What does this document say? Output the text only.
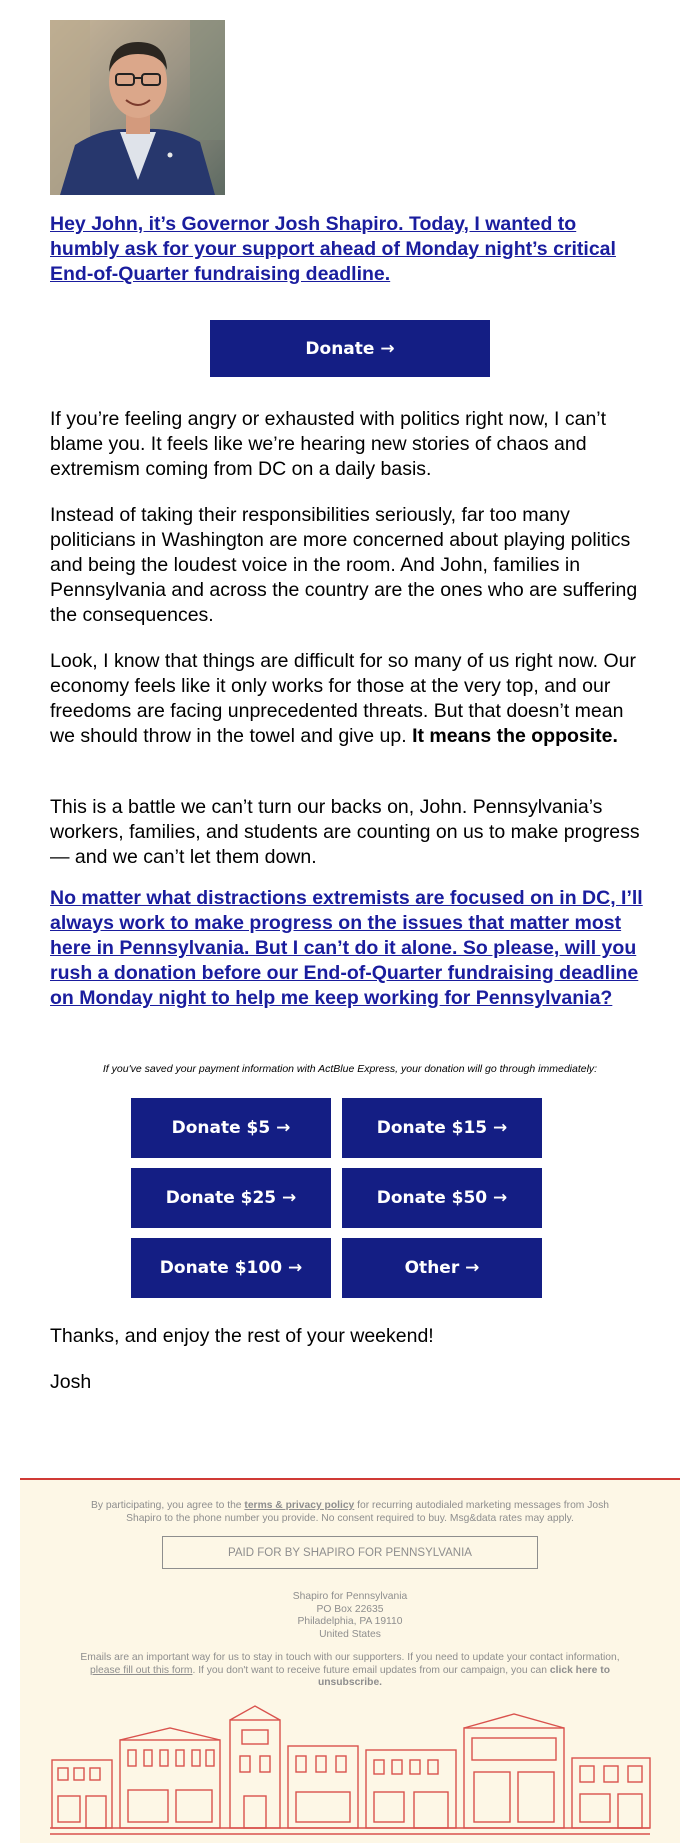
Hey John, it’s Governor Josh Shapiro. Today, I wanted to humbly ask for your support ahead of Monday night’s critical End-of-Quarter fundraising deadline.
Donate →

If you’re feeling angry or exhausted with politics right now, I can’t blame you. It feels like we’re hearing new stories of chaos and extremism coming from DC on a daily basis.

Instead of taking their responsibilities seriously, far too many politicians in Washington are more concerned about playing politics and being the loudest voice in the room. And John, families in Pennsylvania and across the country are the ones who are suffering the consequences.

Look, I know that things are difficult for so many of us right now. Our economy feels like it only works for those at the very top, and our freedoms are facing unprecedented threats. But that doesn’t mean we should throw in the towel and give up. It means the opposite.

This is a battle we can’t turn our backs on, John. Pennsylvania’s workers, families, and students are counting on us to make progress — and we can’t let them down.

No matter what distractions extremists are focused on in DC, I’ll always work to make progress on the issues that matter most here in Pennsylvania. But I can’t do it alone. So please, will you rush a donation before our End-of-Quarter fundraising deadline on Monday night to help me keep working for Pennsylvania?
If you've saved your payment information with ActBlue Express, your donation will go through immediately:
Donate $5 →	Donate $15 →
Donate $25 →	Donate $50 →
Donate $100 →	Other →

Thanks, and enjoy the rest of your weekend!

Josh

By participating, you agree to the terms & privacy policy for recurring autodialed marketing messages from Josh Shapiro to the phone number you provide. No consent required to buy. Msg&data rates may apply.
PAID FOR BY SHAPIRO FOR PENNSYLVANIA
Shapiro for Pennsylvania
PO Box 22635
Philadelphia, PA 19110
United States
Emails are an important way for us to stay in touch with our supporters. If you need to update your contact information, please fill out this form. If you don't want to receive future email updates from our campaign, you can click here to unsubscribe.
